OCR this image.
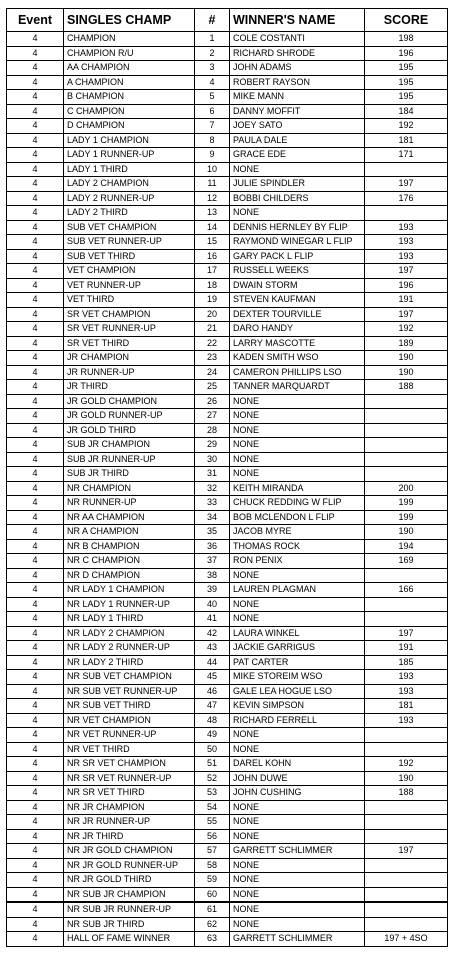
Event	SINGLES CHAMP	#	WINNER'S NAME	SCORE
4	CHAMPION	1	COLE COSTANTI	198
4	CHAMPION R/U	2	RICHARD SHRODE	196
4	AA CHAMPION	3	JOHN ADAMS	195
4	A CHAMPION	4	ROBERT RAYSON	195
4	B CHAMPION	5	MIKE MANN	195
4	C CHAMPION	6	DANNY MOFFIT	184
4	D CHAMPION	7	JOEY SATO	192
4	LADY 1 CHAMPION	8	PAULA DALE	181
4	LADY 1 RUNNER-UP	9	GRACE EDE	171
4	LADY 1 THIRD	10	NONE	
4	LADY 2 CHAMPION	11	JULIE SPINDLER	197
4	LADY 2 RUNNER-UP	12	BOBBI CHILDERS	176
4	LADY 2 THIRD	13	NONE	
4	SUB VET CHAMPION	14	DENNIS HERNLEY BY FLIP	193
4	SUB VET RUNNER-UP	15	RAYMOND WINEGAR L FLIP	193
4	SUB VET THIRD	16	GARY PACK L FLIP	193
4	VET CHAMPION	17	RUSSELL WEEKS	197
4	VET RUNNER-UP	18	DWAIN STORM	196
4	VET THIRD	19	STEVEN KAUFMAN	191
4	SR VET CHAMPION	20	DEXTER TOURVILLE	197
4	SR VET RUNNER-UP	21	DARO HANDY	192
4	SR VET THIRD	22	LARRY MASCOTTE	189
4	JR CHAMPION	23	KADEN SMITH WSO	190
4	JR RUNNER-UP	24	CAMERON PHILLIPS LSO	190
4	JR THIRD	25	TANNER MARQUARDT	188
4	JR GOLD CHAMPION	26	NONE	
4	JR GOLD RUNNER-UP	27	NONE	
4	JR GOLD THIRD	28	NONE	
4	SUB JR CHAMPION	29	NONE	
4	SUB JR RUNNER-UP	30	NONE	
4	SUB JR THIRD	31	NONE	
4	NR CHAMPION	32	KEITH MIRANDA	200
4	NR RUNNER-UP	33	CHUCK REDDING W FLIP	199
4	NR AA CHAMPION	34	BOB MCLENDON L FLIP	199
4	NR A CHAMPION	35	JACOB MYRE	190
4	NR B CHAMPION	36	THOMAS ROCK	194
4	NR C CHAMPION	37	RON PENIX	169
4	NR D CHAMPION	38	NONE	
4	NR LADY 1 CHAMPION	39	LAUREN PLAGMAN	166
4	NR LADY 1 RUNNER-UP	40	NONE	
4	NR LADY 1 THIRD	41	NONE	
4	NR LADY 2 CHAMPION	42	LAURA WINKEL	197
4	NR LADY 2 RUNNER-UP	43	JACKIE GARRIGUS	191
4	NR LADY 2 THIRD	44	PAT CARTER	185
4	NR SUB VET CHAMPION	45	MIKE STOREIM WSO	193
4	NR SUB VET RUNNER-UP	46	GALE LEA HOGUE LSO	193
4	NR SUB VET THIRD	47	KEVIN SIMPSON	181
4	NR VET CHAMPION	48	RICHARD FERRELL	193
4	NR VET RUNNER-UP	49	NONE	
4	NR VET THIRD	50	NONE	
4	NR SR VET CHAMPION	51	DAREL KOHN	192
4	NR SR VET RUNNER-UP	52	JOHN DUWE	190
4	NR SR VET THIRD	53	JOHN CUSHING	188
4	NR JR CHAMPION	54	NONE	
4	NR JR RUNNER-UP	55	NONE	
4	NR JR THIRD	56	NONE	
4	NR JR GOLD CHAMPION	57	GARRETT SCHLIMMER	197
4	NR JR GOLD RUNNER-UP	58	NONE	
4	NR JR GOLD THIRD	59	NONE	
4	NR SUB JR CHAMPION	60	NONE	
4	NR SUB JR RUNNER-UP	61	NONE	
4	NR SUB JR THIRD	62	NONE	
4	HALL OF FAME WINNER	63	GARRETT SCHLIMMER	197 + 4SO
